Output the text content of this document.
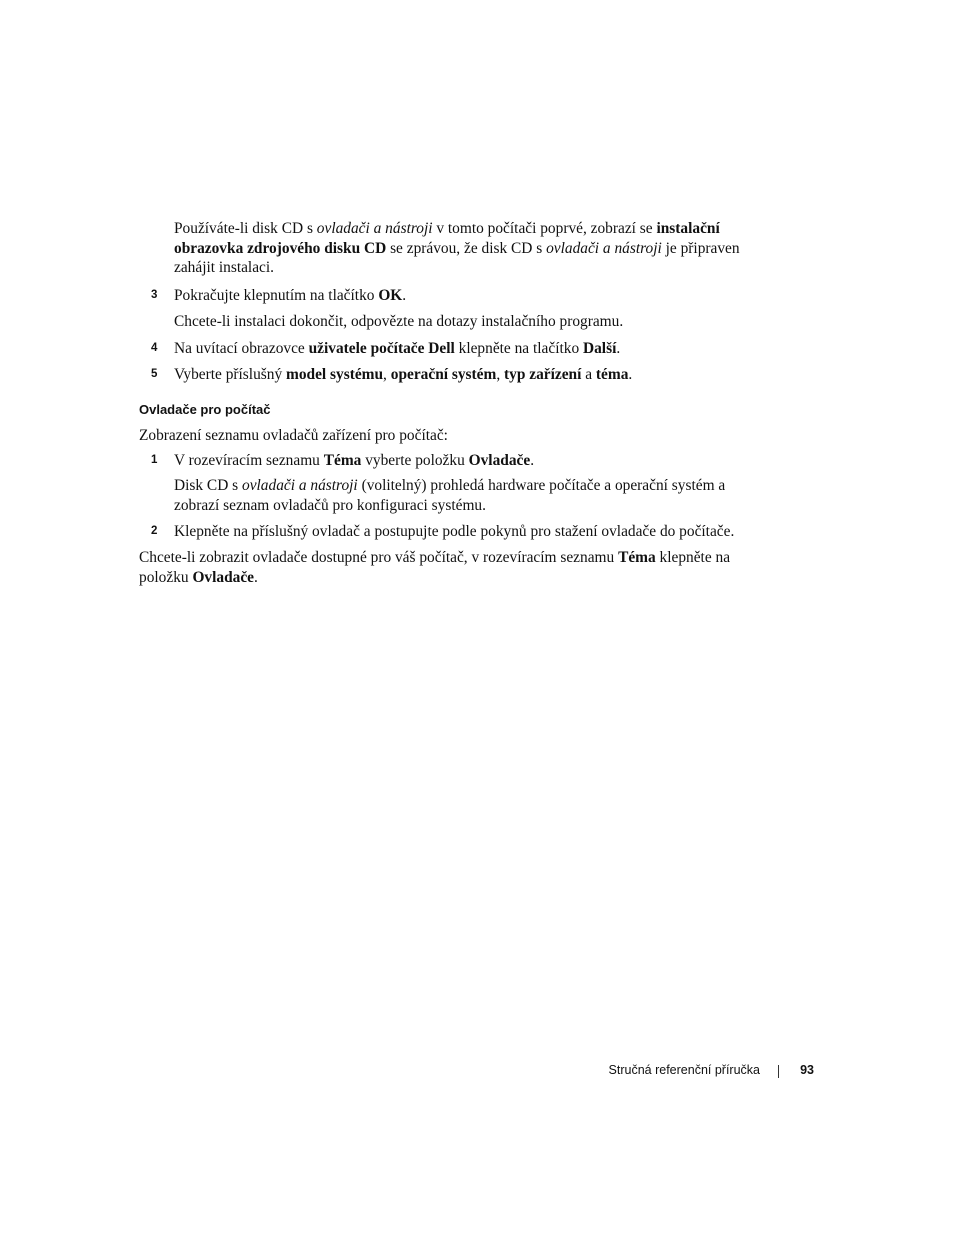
Používáte-li disk CD s ovladači a nástroji v tomto počítači poprvé, zobrazí se instalační obrazovka zdrojového disku CD se zprávou, že disk CD s ovladači a nástroji je připraven zahájit instalaci.

3 Pokračujte klepnutím na tlačítko OK.

Chcete-li instalaci dokončit, odpovězte na dotazy instalačního programu.

4 Na uvítací obrazovce uživatele počítače Dell klepněte na tlačítko Další.

5 Vyberte příslušný model systému, operační systém, typ zařízení a téma.

Ovladače pro počítač

Zobrazení seznamu ovladačů zařízení pro počítač:

1 V rozevíracím seznamu Téma vyberte položku Ovladače.

Disk CD s ovladači a nástroji (volitelný) prohledá hardware počítače a operační systém a zobrazí seznam ovladačů pro konfiguraci systému.

2 Klepněte na příslušný ovladač a postupujte podle pokynů pro stažení ovladače do počítače.

Chcete-li zobrazit ovladače dostupné pro váš počítač, v rozevíracím seznamu Téma klepněte na položku Ovladače.

Stručná referenční příručka	93
